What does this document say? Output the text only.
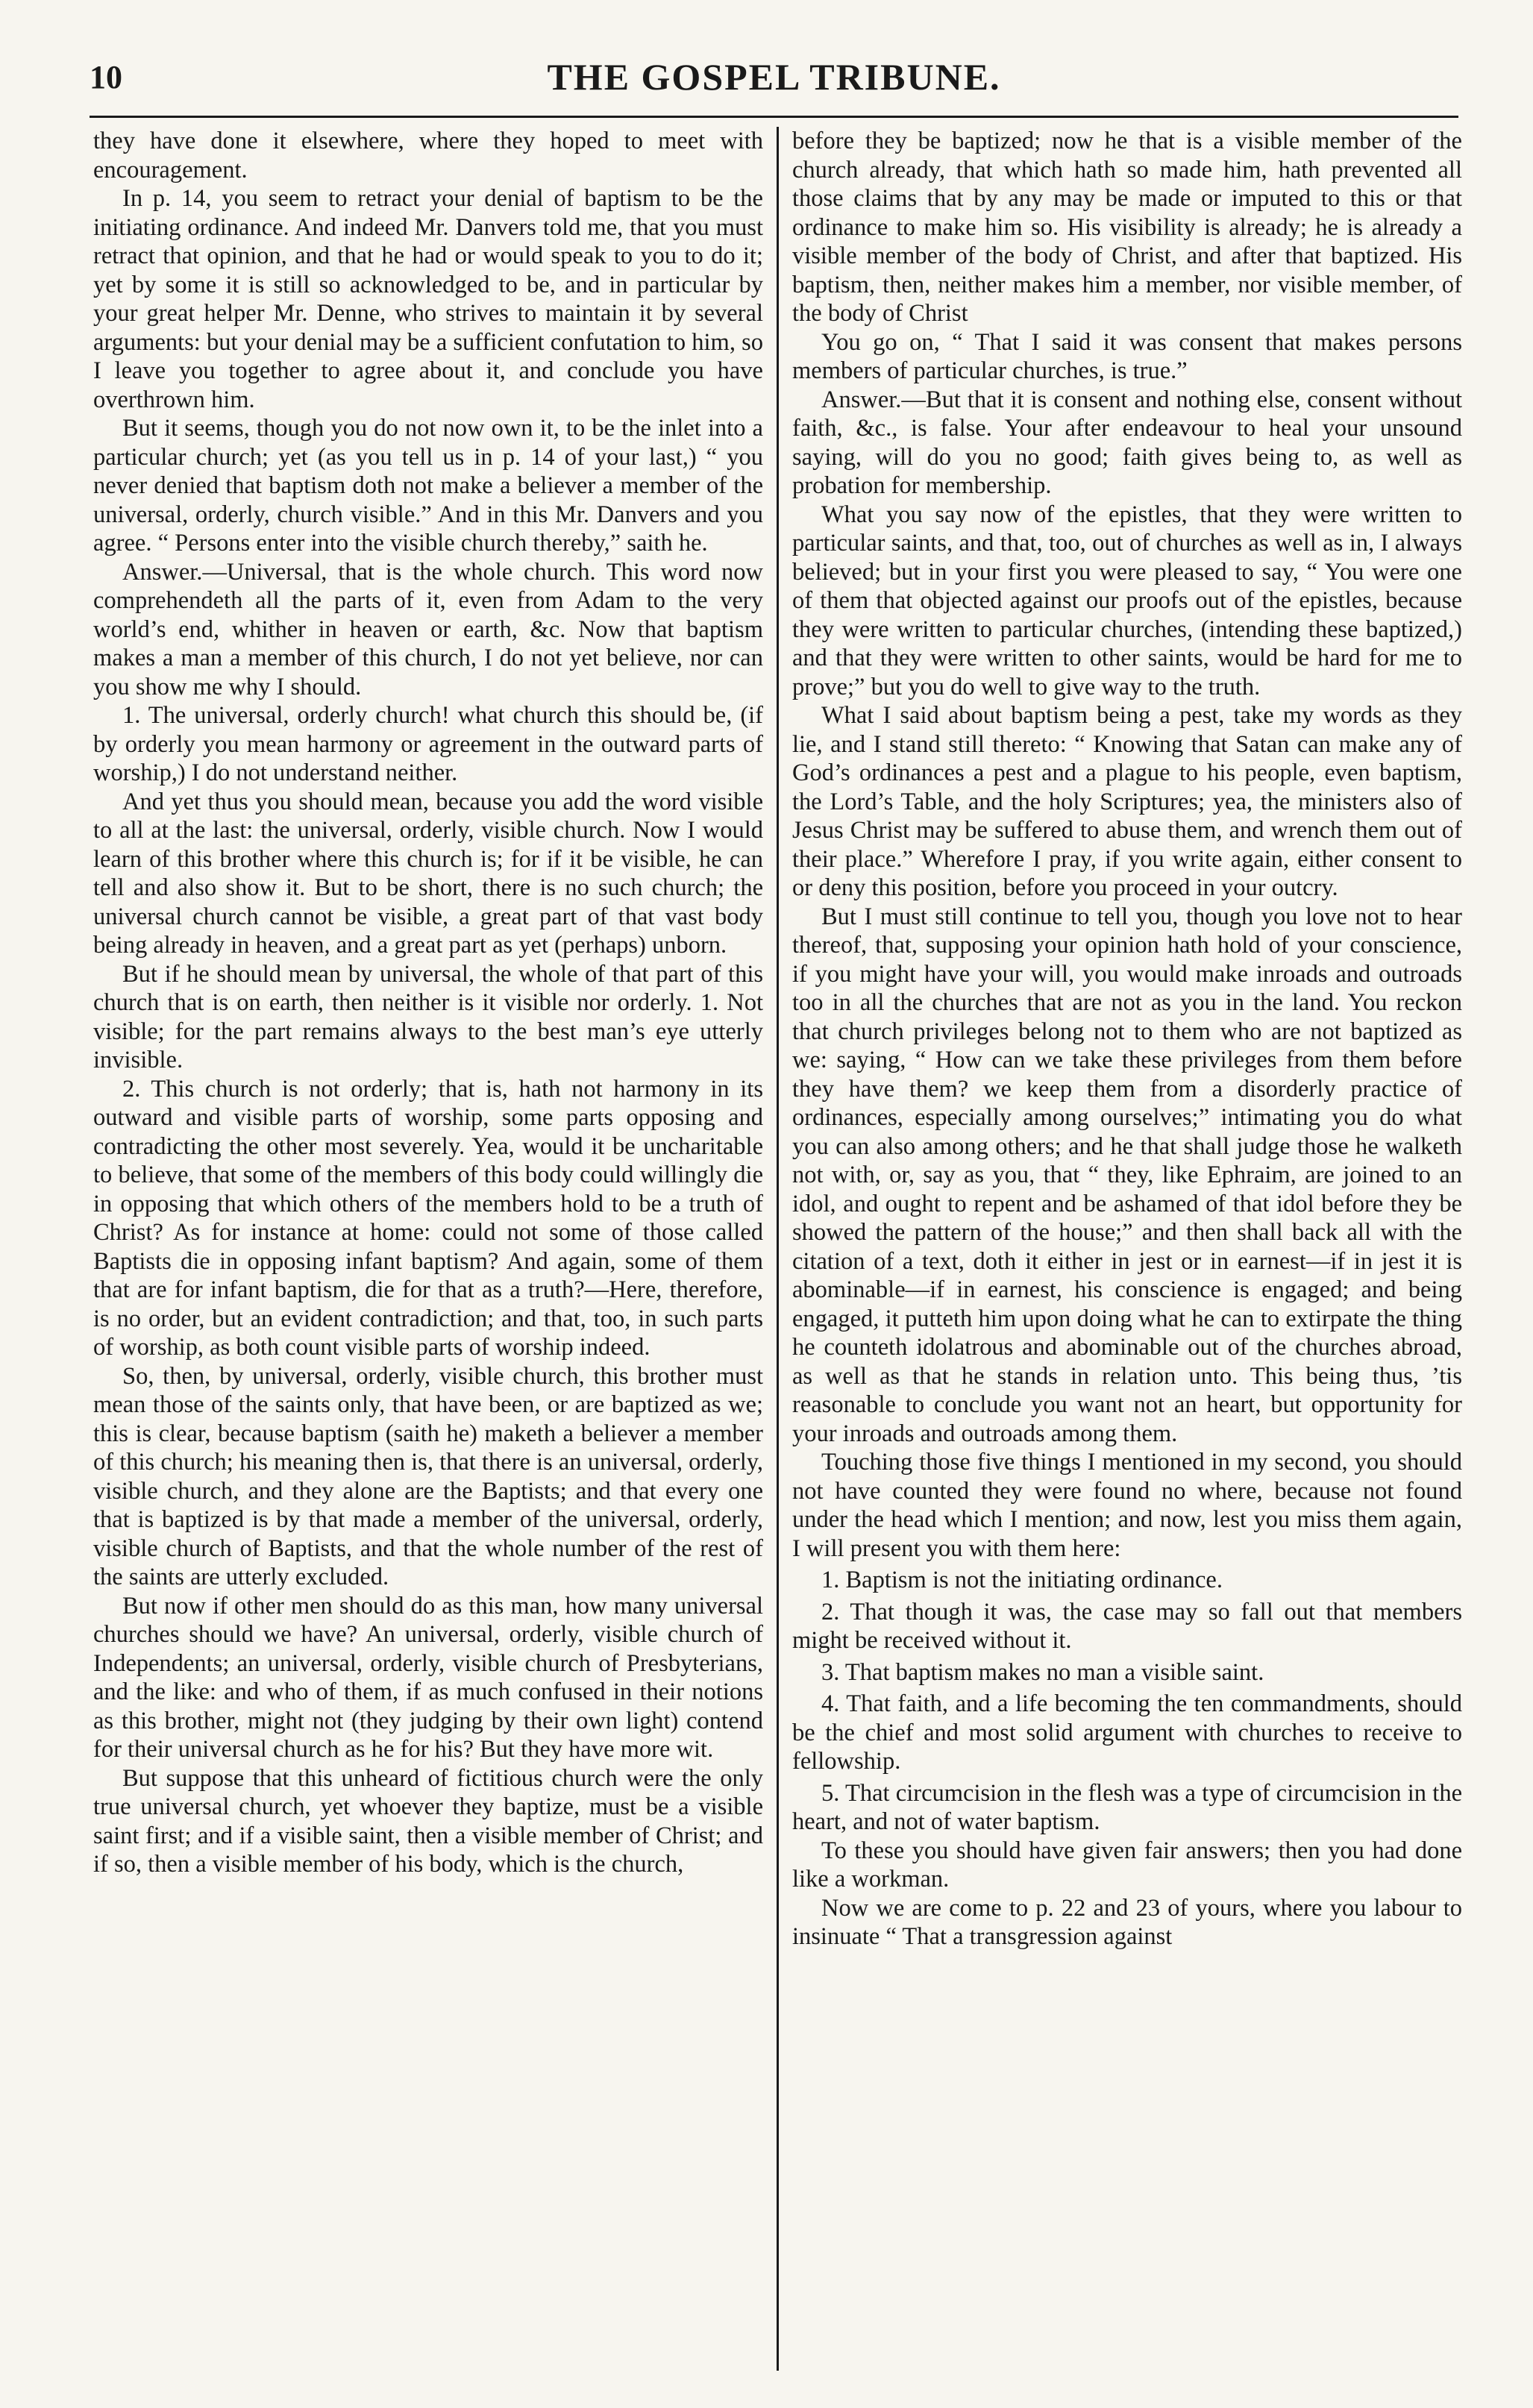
10	THE GOSPEL TRIBUNE.

they have done it elsewhere, where they hoped to meet with encouragement.

In p. 14, you seem to retract your denial of baptism to be the initiating ordinance. And indeed Mr. Danvers told me, that you must retract that opinion, and that he had or would speak to you to do it; yet by some it is still so acknowledged to be, and in particular by your great helper Mr. Denne, who strives to maintain it by several arguments: but your denial may be a sufficient confutation to him, so I leave you together to agree about it, and conclude you have overthrown him.

But it seems, though you do not now own it, to be the inlet into a particular church; yet (as you tell us in p. 14 of your last,) “ you never denied that baptism doth not make a believer a member of the universal, orderly, church visible.” And in this Mr. Danvers and you agree. “ Persons enter into the visible church thereby,” saith he.

Answer.—Universal, that is the whole church. This word now comprehendeth all the parts of it, even from Adam to the very world’s end, whither in heaven or earth, &c. Now that baptism makes a man a member of this church, I do not yet believe, nor can you show me why I should.

1. The universal, orderly church! what church this should be, (if by orderly you mean harmony or agreement in the outward parts of worship,) I do not understand neither.

And yet thus you should mean, because you add the word visible to all at the last: the universal, orderly, visible church. Now I would learn of this brother where this church is; for if it be visible, he can tell and also show it. But to be short, there is no such church; the universal church cannot be visible, a great part of that vast body being already in heaven, and a great part as yet (perhaps) unborn.

But if he should mean by universal, the whole of that part of this church that is on earth, then neither is it visible nor orderly. 1. Not visible; for the part remains always to the best man’s eye utterly invisible.

2. This church is not orderly; that is, hath not harmony in its outward and visible parts of worship, some parts opposing and contradicting the other most severely. Yea, would it be uncharitable to believe, that some of the members of this body could willingly die in opposing that which others of the members hold to be a truth of Christ? As for instance at home: could not some of those called Baptists die in opposing infant baptism? And again, some of them that are for infant baptism, die for that as a truth?—Here, therefore, is no order, but an evident contradiction; and that, too, in such parts of worship, as both count visible parts of worship indeed.

So, then, by universal, orderly, visible church, this brother must mean those of the saints only, that have been, or are baptized as we; this is clear, because baptism (saith he) maketh a believer a member of this church; his meaning then is, that there is an universal, orderly, visible church, and they alone are the Baptists; and that every one that is baptized is by that made a member of the universal, orderly, visible church of Baptists, and that the whole number of the rest of the saints are utterly excluded.

But now if other men should do as this man, how many universal churches should we have? An universal, orderly, visible church of Independents; an universal, orderly, visible church of Presbyterians, and the like: and who of them, if as much confused in their notions as this brother, might not (they judging by their own light) contend for their universal church as he for his? But they have more wit.

But suppose that this unheard of fictitious church were the only true universal church, yet whoever they baptize, must be a visible saint first; and if a visible saint, then a visible member of Christ; and if so, then a visible member of his body, which is the church,

before they be baptized; now he that is a visible member of the church already, that which hath so made him, hath prevented all those claims that by any may be made or imputed to this or that ordinance to make him so. His visibility is already; he is already a visible member of the body of Christ, and after that baptized. His baptism, then, neither makes him a member, nor visible member, of the body of Christ

You go on, “ That I said it was consent that makes persons members of particular churches, is true.”

Answer.—But that it is consent and nothing else, consent without faith, &c., is false. Your after endeavour to heal your unsound saying, will do you no good; faith gives being to, as well as probation for membership.

What you say now of the epistles, that they were written to particular saints, and that, too, out of churches as well as in, I always believed; but in your first you were pleased to say, “ You were one of them that objected against our proofs out of the epistles, because they were written to particular churches, (intending these baptized,) and that they were written to other saints, would be hard for me to prove;” but you do well to give way to the truth.

What I said about baptism being a pest, take my words as they lie, and I stand still thereto: “ Knowing that Satan can make any of God’s ordinances a pest and a plague to his people, even baptism, the Lord’s Table, and the holy Scriptures; yea, the ministers also of Jesus Christ may be suffered to abuse them, and wrench them out of their place.” Wherefore I pray, if you write again, either consent to or deny this position, before you proceed in your outcry.

But I must still continue to tell you, though you love not to hear thereof, that, supposing your opinion hath hold of your conscience, if you might have your will, you would make inroads and outroads too in all the churches that are not as you in the land. You reckon that church privileges belong not to them who are not baptized as we: saying, “ How can we take these privileges from them before they have them? we keep them from a disorderly practice of ordinances, especially among ourselves;” intimating you do what you can also among others; and he that shall judge those he walketh not with, or, say as you, that “ they, like Ephraim, are joined to an idol, and ought to repent and be ashamed of that idol before they be showed the pattern of the house;” and then shall back all with the citation of a text, doth it either in jest or in earnest—if in jest it is abominable—if in earnest, his conscience is engaged; and being engaged, it putteth him upon doing what he can to extirpate the thing he counteth idolatrous and abominable out of the churches abroad, as well as that he stands in relation unto. This being thus, ’tis reasonable to conclude you want not an heart, but opportunity for your inroads and outroads among them.

Touching those five things I mentioned in my second, you should not have counted they were found no where, because not found under the head which I mention; and now, lest you miss them again, I will present you with them here:

1. Baptism is not the initiating ordinance.

2. That though it was, the case may so fall out that members might be received without it.

3. That baptism makes no man a visible saint.

4. That faith, and a life becoming the ten commandments, should be the chief and most solid argument with churches to receive to fellowship.

5. That circumcision in the flesh was a type of circumcision in the heart, and not of water baptism.

To these you should have given fair answers; then you had done like a workman.

Now we are come to p. 22 and 23 of yours, where you labour to insinuate “ That a transgression against
